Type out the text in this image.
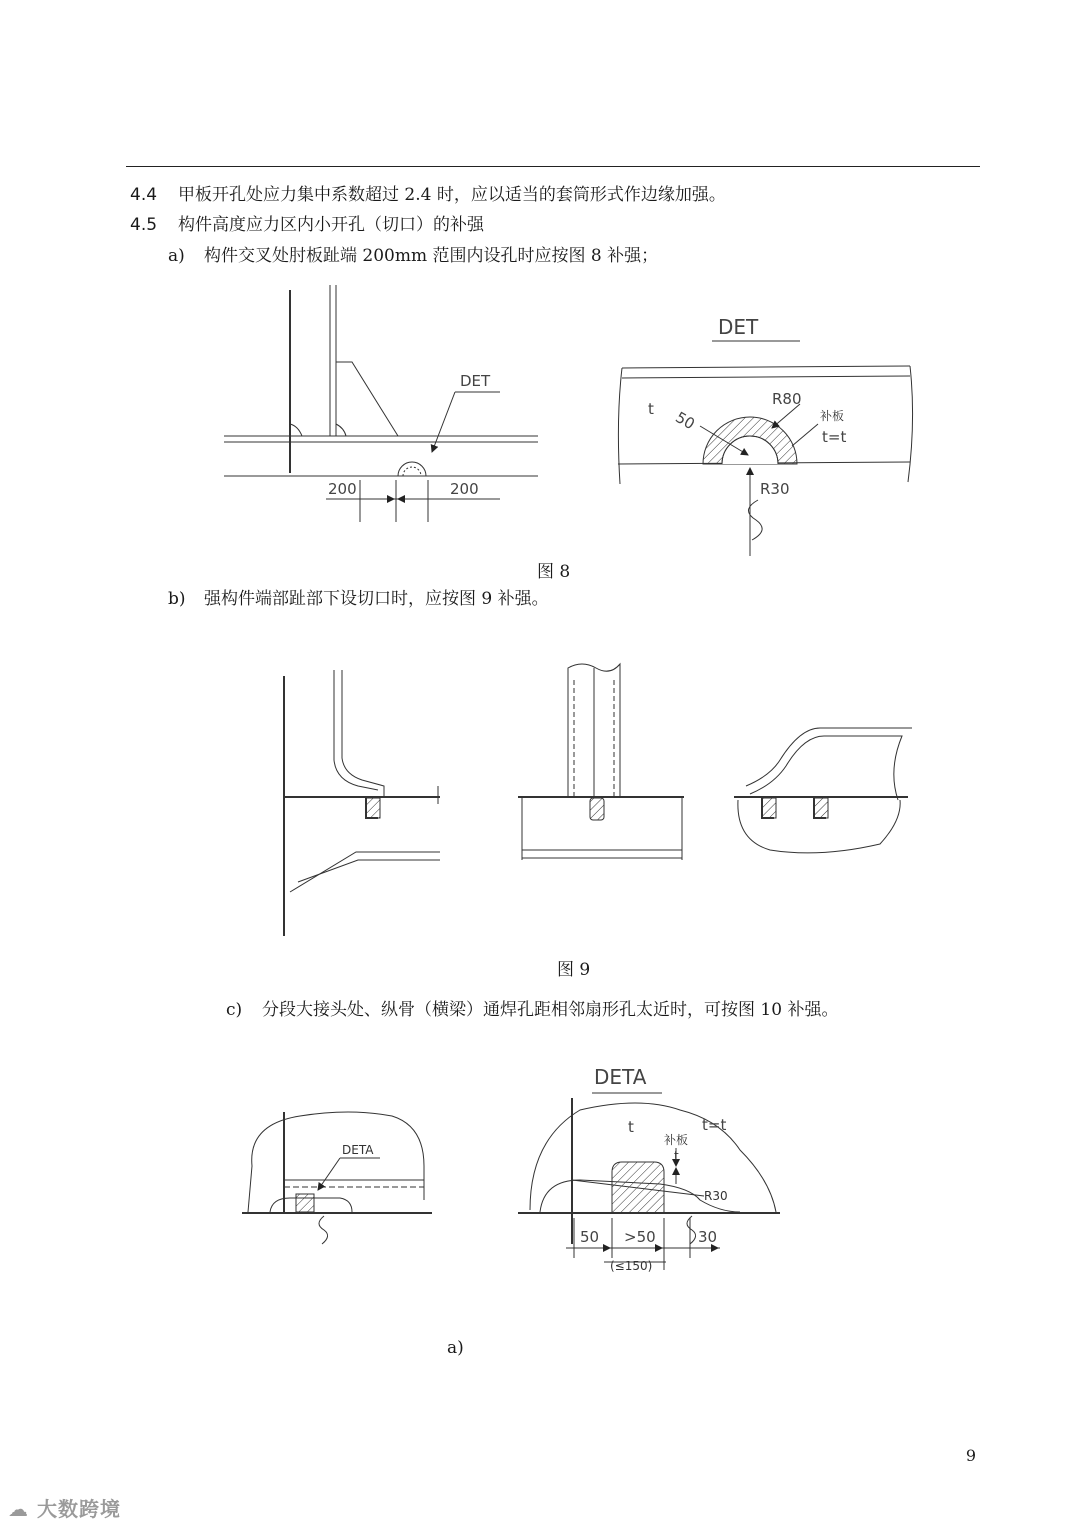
4.4 甲板开孔处应力集中系数超过 2.4 时，应以适当的套筒形式作边缘加强。
4.5 构件高度应力区内小开孔（切口）的补强
a) 构件交叉处肘板趾端 200mm 范围内设孔时应按图 8 补强；
b) 强构件端部趾部下设切口时，应按图 9 补强。
c) 分段大接头处、纵骨（横梁）通焊孔距相邻扇形孔太近时，可按图 10 补强。
图 8
图 9
a)
DET
200	200
DET
t 50
R80
补板
t=t
R30
DETA
DETA
t	t=t
补板
t
R30
50 >50	30
(≤150)
9
☁ 大数跨境
